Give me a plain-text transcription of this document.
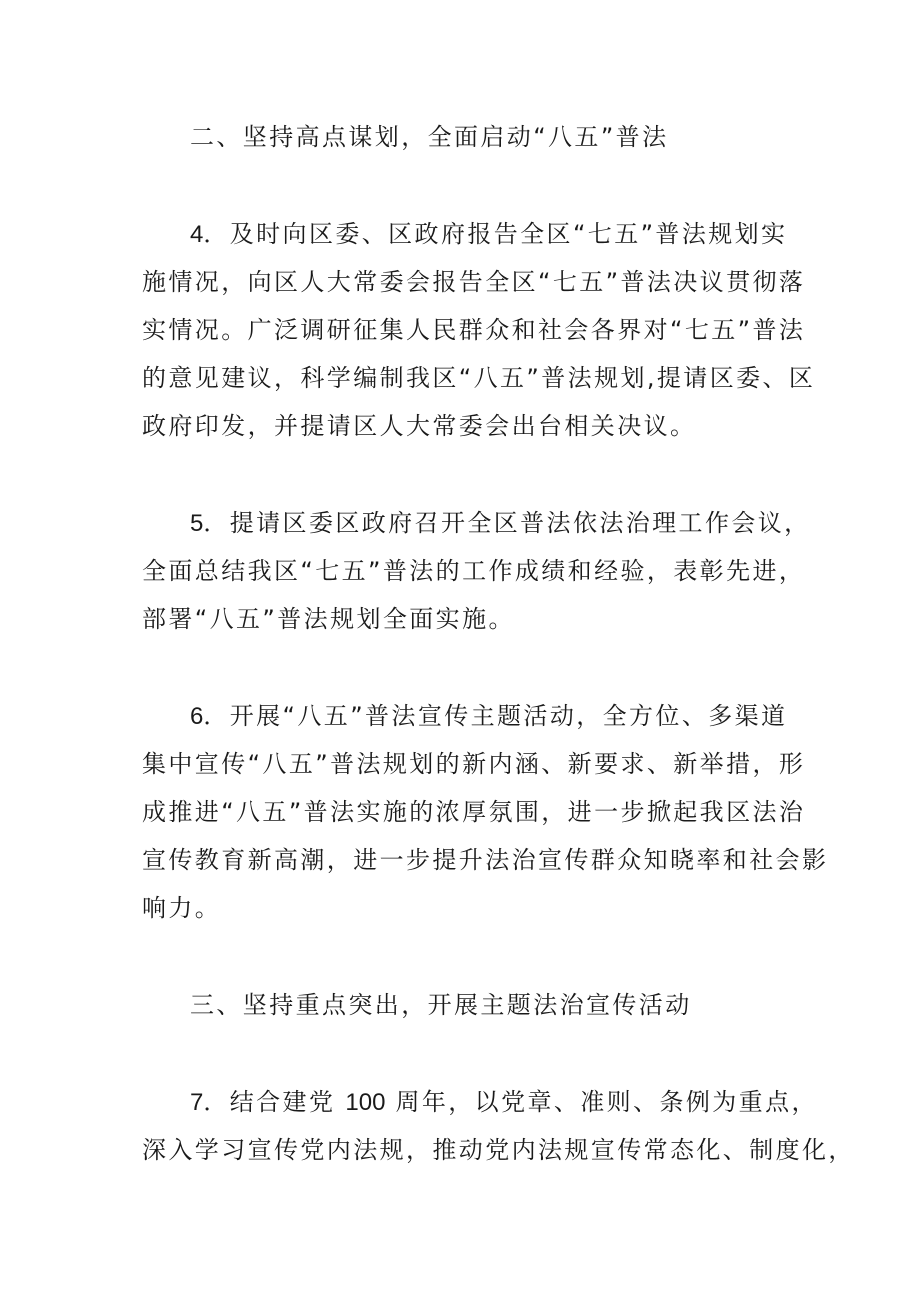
二、坚持高点谋划，全面启动“八五”普法
4．及时向区委、区政府报告全区“七五”普法规划实
施情况，向区人大常委会报告全区“七五”普法决议贯彻落
实情况。广泛调研征集人民群众和社会各界对“七五”普法
的意见建议，科学编制我区“八五”普法规划,提请区委、区
政府印发，并提请区人大常委会出台相关决议。
5．提请区委区政府召开全区普法依法治理工作会议，
全面总结我区“七五”普法的工作成绩和经验，表彰先进，
部署“八五”普法规划全面实施。
6．开展“八五”普法宣传主题活动，全方位、多渠道
集中宣传“八五”普法规划的新内涵、新要求、新举措，形
成推进“八五”普法实施的浓厚氛围，进一步掀起我区法治
宣传教育新高潮，进一步提升法治宣传群众知晓率和社会影
响力。
三、坚持重点突出，开展主题法治宣传活动
7．结合建党 100 周年，以党章、准则、条例为重点，
深入学习宣传党内法规，推动党内法规宣传常态化、制度化，
